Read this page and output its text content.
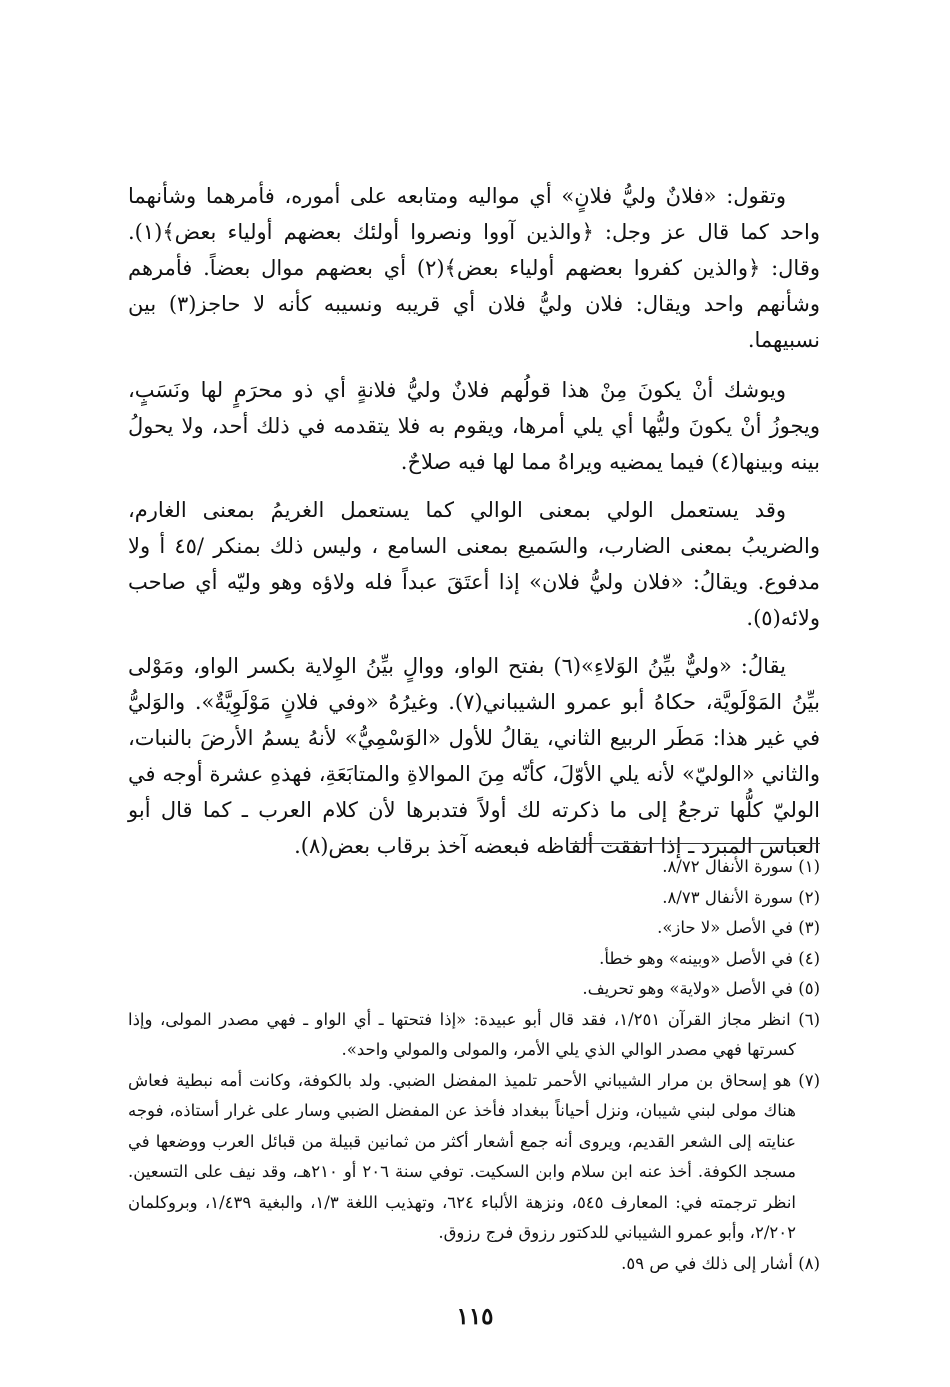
وتقول: «فلانٌ وليُّ فلانٍ» أي مواليه ومتابعه على أموره، فأمرهما وشأنهما واحد كما قال عز وجل: ﴿والذين آووا ونصروا أولئك بعضهم أولياء بعض﴾(١). وقال: ﴿والذين كفروا بعضهم أولياء بعض﴾(٢) أي بعضهم موال بعضاً. فأمرهم وشأنهم واحد ويقال: فلان وليُّ فلان أي قريبه ونسيبه كأنه لا حاجز(٣) بين نسبيهما.

ويوشك أنْ يكونَ مِنْ هذا قولُهم فلانٌ وليُّ فلانةٍ أي ذو محرَمٍ لها ونَسَبٍ، ويجوزُ أنْ يكونَ وليُّها أي يلي أمرها، ويقوم به فلا يتقدمه في ذلك أحد، ولا يحولُ بينه وبينها(٤) فيما يمضيه ويراهُ مما لها فيه صلاحٌ.

وقد يستعمل الولي بمعنى الوالي كما يستعمل الغريمُ بمعنى الغارم، والضريبُ بمعنى الضارب، والسَميع بمعنى السامع ، وليس ذلك بمنكر /٤٥ أ ولا مدفوع. ويقالُ: «فلان وليُّ فلان» إذا أعتَقَ عبداً فله ولاؤه وهو وليّه أي صاحب ولائه(٥).

يقالُ: «وليٌّ بيِّنُ الوَلاءِ»(٦) بفتح الواو، ووالٍ بيِّنُ الوِلاية بكسر الواو، ومَوْلى بيِّنُ المَوْلَويَّة، حكاهُ أبو عمرو الشيباني(٧). وغيرُهُ «وفي فلانٍ مَوْلَوِيَّةٌ». والوَليُّ في غير هذا: مَطَر الربيع الثاني، يقالُ للأول «الوَسْمِيُّ» لأنهُ يسمُ الأرضَ بالنبات، والثاني «الوليّ» لأنه يلي الأوّلَ، كأنّه مِنَ الموالاةِ والمتابَعَةِ، فهذهِ عشرة أوجه في الوليّ كلُّها ترجعُ إلى ما ذكرته لك أولاً فتدبرها لأن كلام العرب ـ كما قال أبو العباس المبرد ـ إذا اتفقت ألفاظه فبعضه آخذ برقاب بعض(٨).

(١) سورة الأنفال ٨/٧٢.

(٢) سورة الأنفال ٨/٧٣.

(٣) في الأصل «لا حاز».

(٤) في الأصل «وبينه» وهو خطأ.

(٥) في الأصل «ولاية» وهو تحريف.

(٦) انظر مجاز القرآن ١/٢٥١، فقد قال أبو عبيدة: «إذا فتحتها ـ أي الواو ـ فهي مصدر المولى، وإذا كسرتها فهي مصدر الوالي الذي يلي الأمر، والمولى والمولي واحد».

(٧) هو إسحاق بن مرار الشيباني الأحمر تلميذ المفضل الضبي. ولد بالكوفة، وكانت أمه نبطية فعاش هناك مولى لبني شيبان، ونزل أحياناً ببغداد فأخذ عن المفضل الضبي وسار على غرار أستاذه، فوجه عنايته إلى الشعر القديم، ويروى أنه جمع أشعار أكثر من ثمانين قبيلة من قبائل العرب ووضعها في مسجد الكوفة. أخذ عنه ابن سلام وابن السكيت. توفي سنة ٢٠٦ أو ٢١٠هـ، وقد نيف على التسعين. انظر ترجمته في: المعارف ٥٤٥، ونزهة الألباء ٦٢٤، وتهذيب اللغة ١/٣، والبغية ١/٤٣٩، وبروكلمان ٢/٢٠٢، وأبو عمرو الشيباني للدكتور رزوق فرج رزوق.

(٨) أشار إلى ذلك في ص ٥٩.

١١٥
